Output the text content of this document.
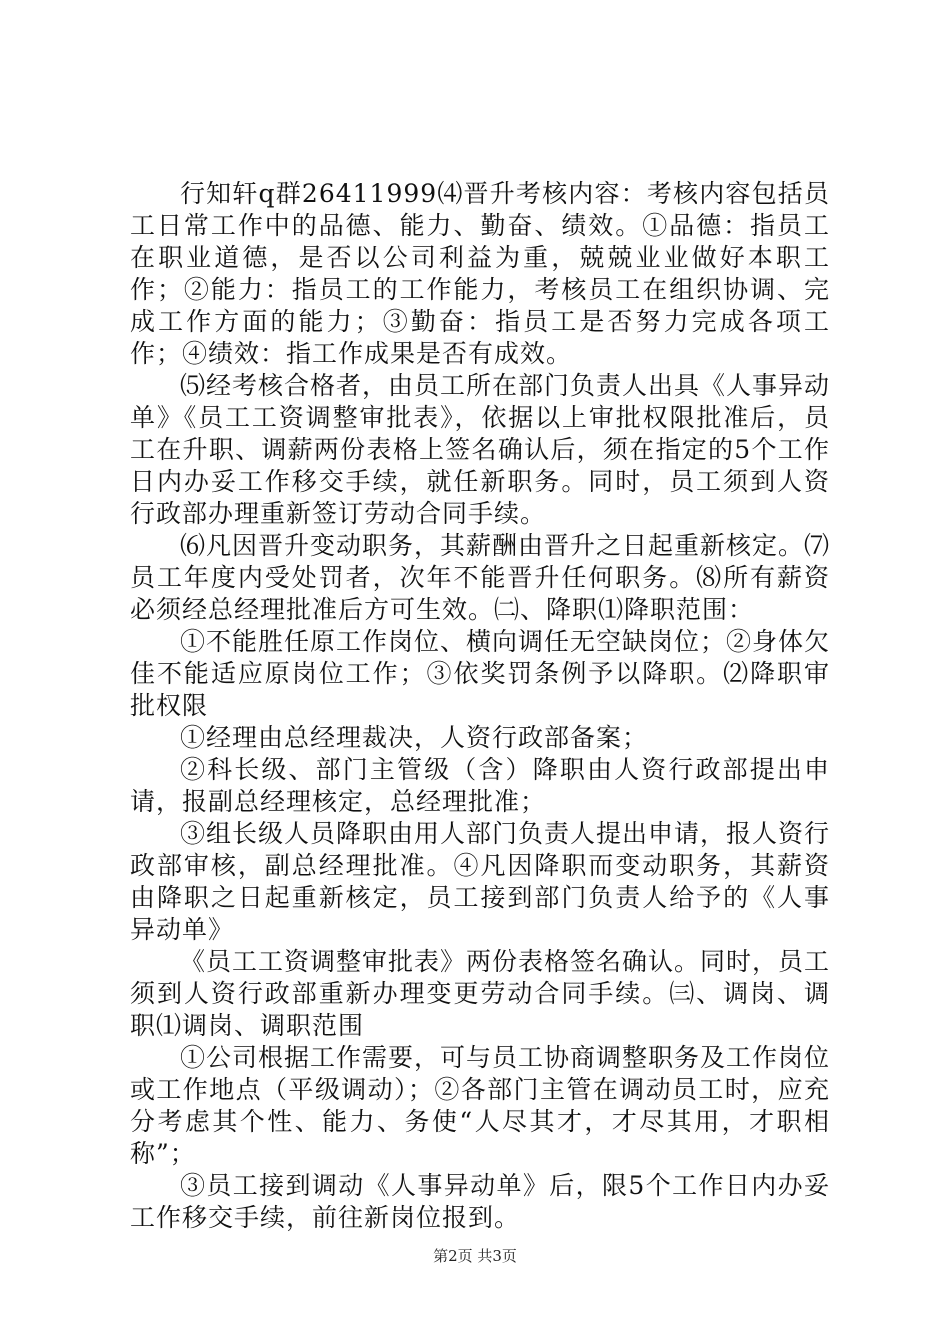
行知轩q群26411999⑷晋升考核内容：考核内容包括员工日常工作中的品德、能力、勤奋、绩效。①品德：指员工在职业道德，是否以公司利益为重，兢兢业业做好本职工作；②能力：指员工的工作能力，考核员工在组织协调、完成工作方面的能力；③勤奋：指员工是否努力完成各项工作；④绩效：指工作成果是否有成效。

⑸经考核合格者，由员工所在部门负责人出具《人事异动单》《员工工资调整审批表》，依据以上审批权限批准后，员工在升职、调薪两份表格上签名确认后，须在指定的5个工作日内办妥工作移交手续，就任新职务。同时，员工须到人资行政部办理重新签订劳动合同手续。

⑹凡因晋升变动职务，其薪酬由晋升之日起重新核定。⑺员工年度内受处罚者，次年不能晋升任何职务。⑻所有薪资必须经总经理批准后方可生效。㈡、降职⑴降职范围：

①不能胜任原工作岗位、横向调任无空缺岗位；②身体欠佳不能适应原岗位工作；③依奖罚条例予以降职。⑵降职审批权限

①经理由总经理裁决，人资行政部备案；

②科长级、部门主管级（含）降职由人资行政部提出申请，报副总经理核定，总经理批准；

③组长级人员降职由用人部门负责人提出申请，报人资行政部审核，副总经理批准。④凡因降职而变动职务，其薪资由降职之日起重新核定，员工接到部门负责人给予的《人事异动单》

《员工工资调整审批表》两份表格签名确认。同时，员工须到人资行政部重新办理变更劳动合同手续。㈢、调岗、调职⑴调岗、调职范围

①公司根据工作需要，可与员工协商调整职务及工作岗位或工作地点（平级调动）；②各部门主管在调动员工时，应充分考虑其个性、能力、务使“人尽其才，才尽其用，才职相称”；

③员工接到调动《人事异动单》后，限5个工作日内办妥工作移交手续，前往新岗位报到。

第2页 共3页
